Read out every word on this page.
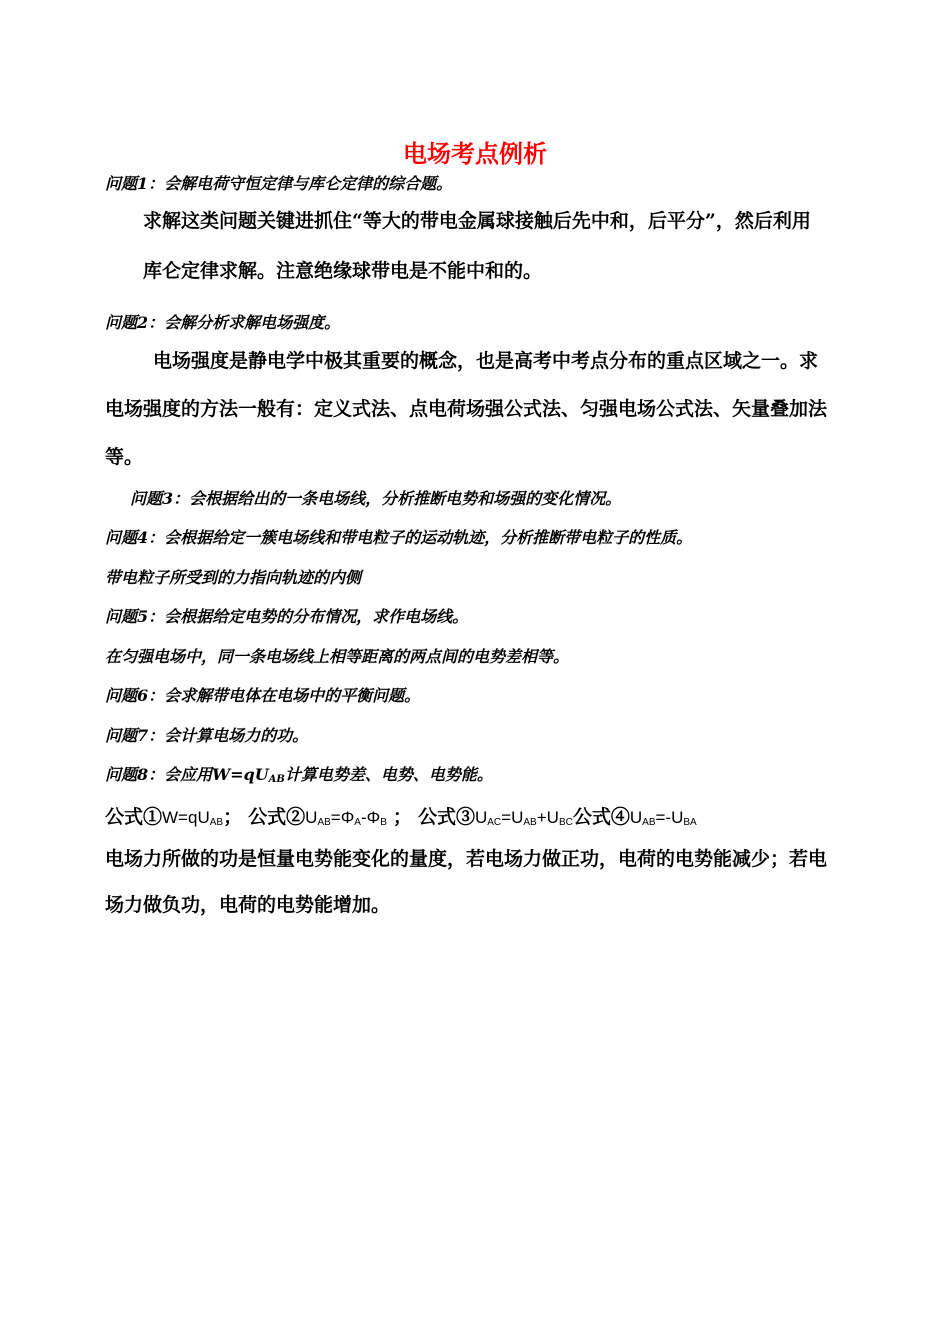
电场考点例析
问题1：会解电荷守恒定律与库仑定律的综合题。
求解这类问题关键进抓住“等大的带电金属球接触后先中和，后平分”，然后利用
库仑定律求解。注意绝缘球带电是不能中和的。
问题2：会解分析求解电场强度。
电场强度是静电学中极其重要的概念，也是高考中考点分布的重点区域之一。求
电场强度的方法一般有：定义式法、点电荷场强公式法、匀强电场公式法、矢量叠加法
等。
问题3：会根据给出的一条电场线，分析推断电势和场强的变化情况。
问题4：会根据给定一簇电场线和带电粒子的运动轨迹，分析推断带电粒子的性质。
带电粒子所受到的力指向轨迹的内侧
问题5：会根据给定电势的分布情况，求作电场线。
在匀强电场中，同一条电场线上相等距离的两点间的电势差相等。
问题6：会求解带电体在电场中的平衡问题。
问题7：会计算电场力的功。
问题8：会应用$W=qU_{AB}$计算电势差、电势、电势能。
公式$①W=qU_{AB}$； 公式$②U_{AB}=\Phi_A-\Phi_B$ ； 公式$③U_{AC}=U_{AB}+U_{BC}$公式$④U_{AB}=-U_{BA}$
电场力所做的功是恒量电势能变化的量度，若电场力做正功，电荷的电势能减少；若电
场力做负功，电荷的电势能增加。
